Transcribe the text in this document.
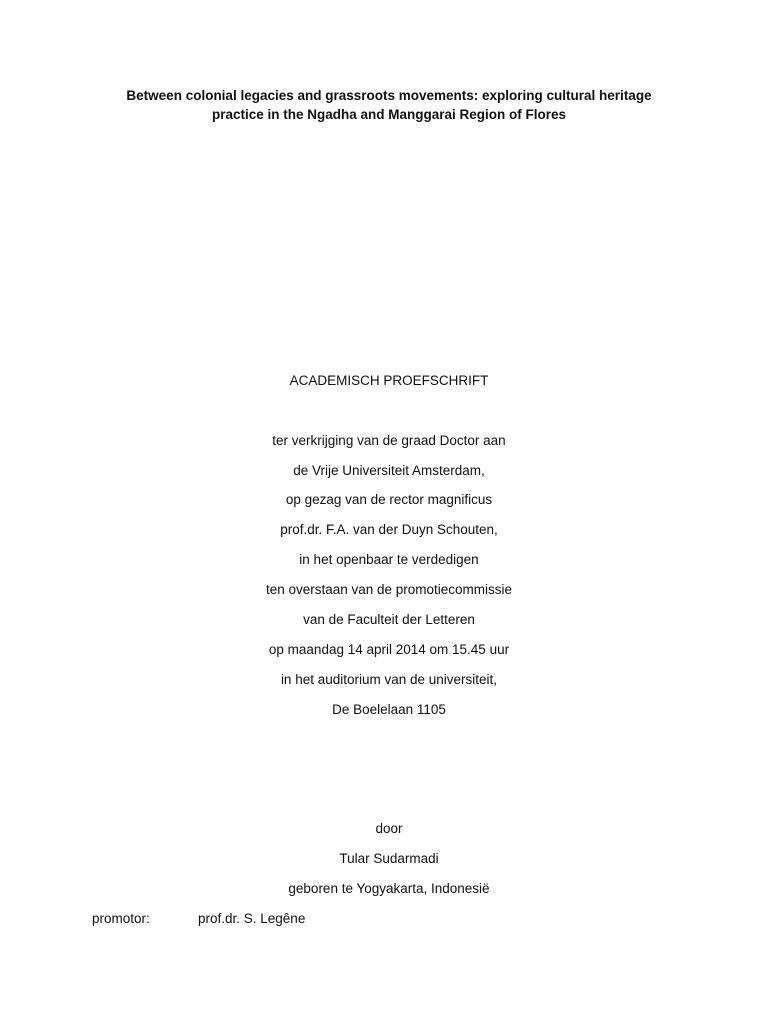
Between colonial legacies and grassroots movements: exploring cultural heritage
practice in the Ngadha and Manggarai Region of Flores
ACADEMISCH PROEFSCHRIFT
ter verkrijging van de graad Doctor aan
de Vrije Universiteit Amsterdam,
op gezag van de rector magnificus
prof.dr. F.A. van der Duyn Schouten,
in het openbaar te verdedigen
ten overstaan van de promotiecommissie
van de Faculteit der Letteren
op maandag 14 april 2014 om 15.45 uur
in het auditorium van de universiteit,
De Boelelaan 1105
door
Tular Sudarmadi
geboren te Yogyakarta, Indonesië
promotor:	prof.dr. S. Legêne
